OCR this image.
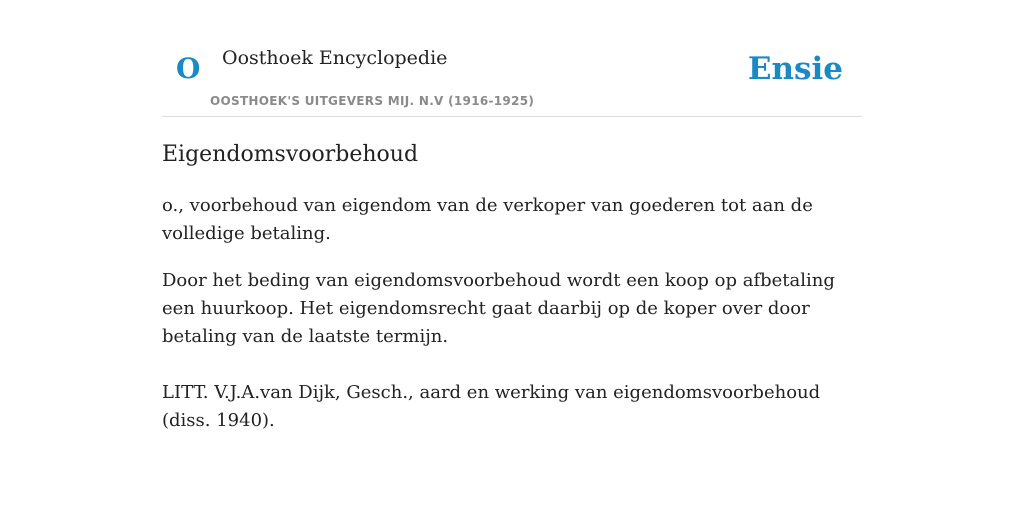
O Oosthoek Encyclopedie
OOSTHOEK'S UITGEVERS MIJ. N.V (1916-1925)
Ensie
Eigendomsvoorbehoud

o., voorbehoud van eigendom van de verkoper van goederen tot aan de volledige betaling.

Door het beding van eigendomsvoorbehoud wordt een koop op afbetaling een huurkoop. Het eigendomsrecht gaat daarbij op de koper over door betaling van de laatste termijn.

LITT. V.J.A.van Dijk, Gesch., aard en werking van eigendomsvoorbehoud (diss. 1940).
